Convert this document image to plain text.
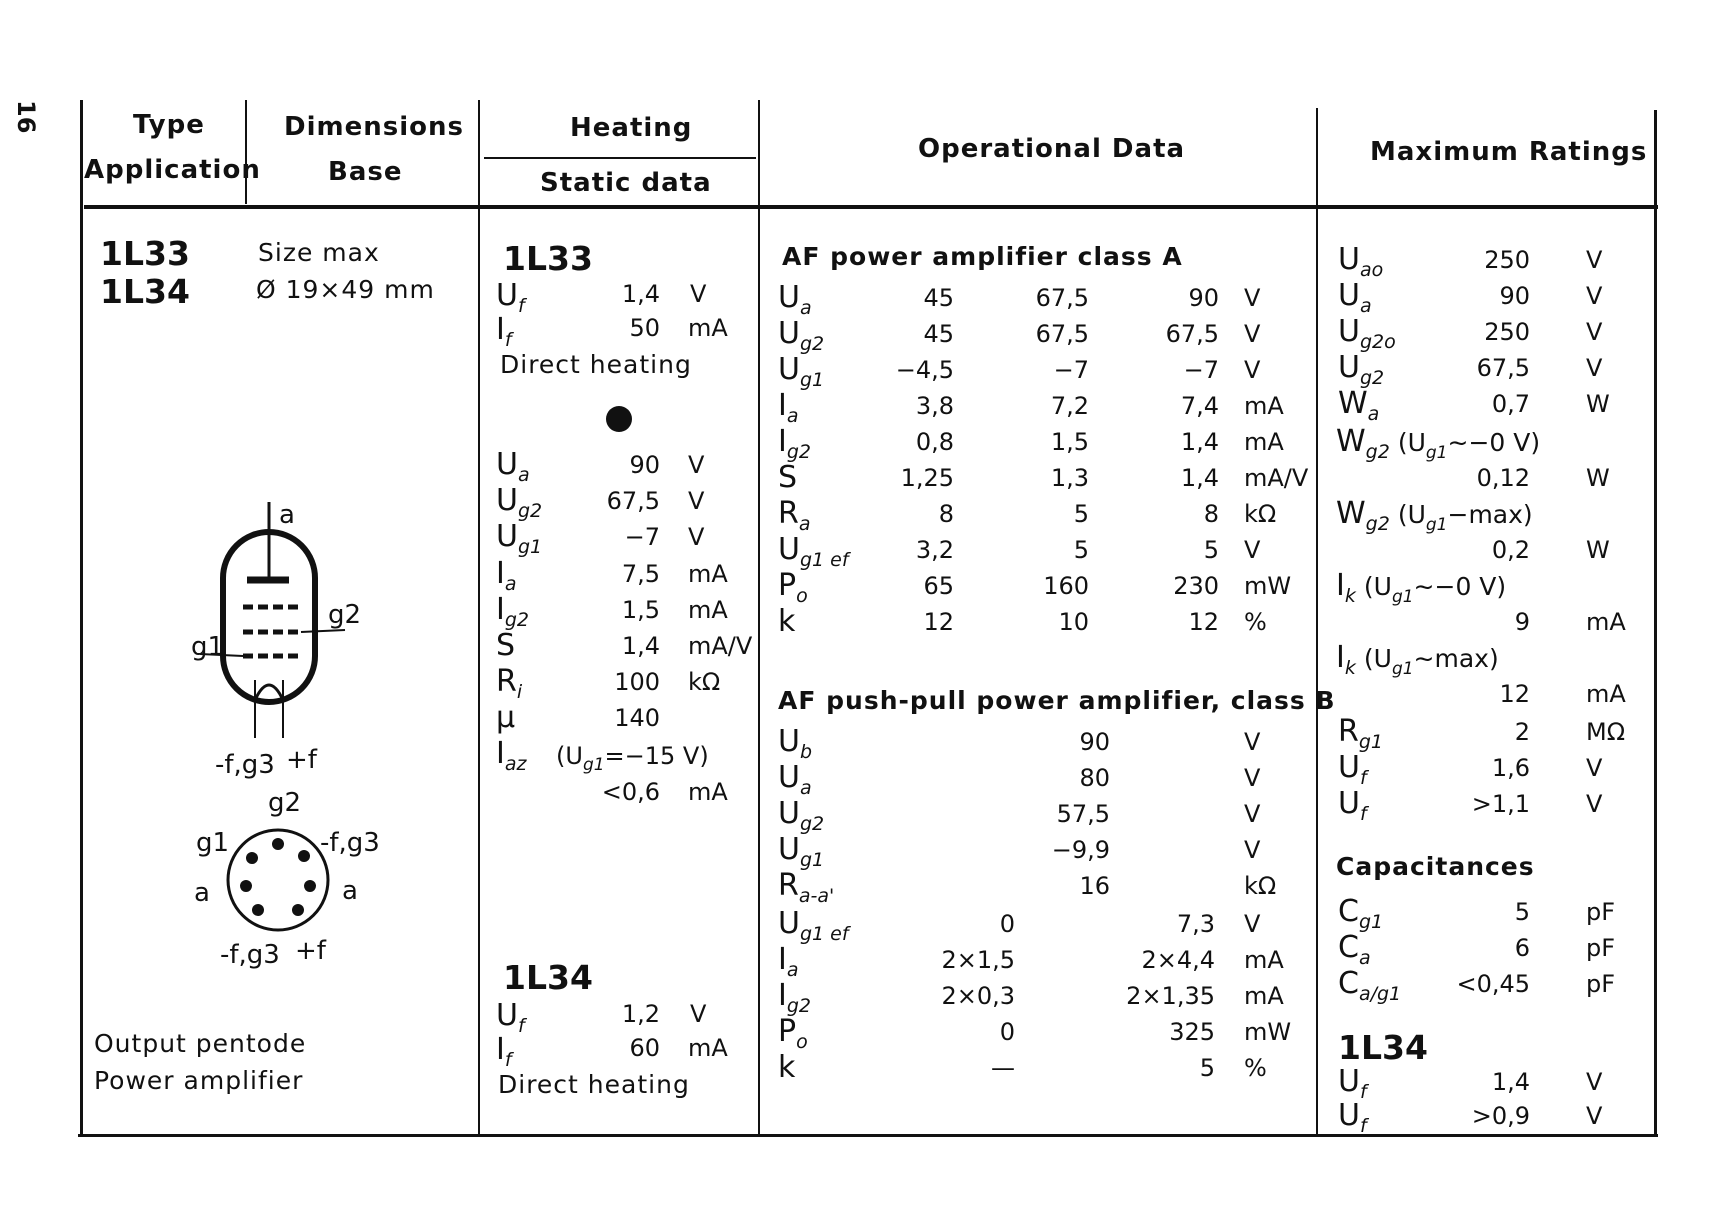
16	Type
Application
Dimensions
Base
Heating
Static data
Operational Data	Maximum Ratings
1L33
1L34
Output pentode
Power amplifier
Size max
Ø 19×49 mm
a
g2
g1
-f,g3 +f
g2
g1	-f,g3
a	a
-f,g3 +f
1L33
$U_f$	1,4 V
$I_f$	50 mA
Direct heating
$U_a$	90 V
$U_{g2}$	67,5 V
$U_{g1}$	−7 V
$I_a$	7,5 mA
$I_{g2}$	1,5 mA
S	1,4 mA/V
$R_i$	100 kΩ
μ	140
$I_{az}$ ($U_{g1}=-15$ V)
<0,6 mA
1L34
$U_f$	1,2 V
$I_f$	60 mA
Direct heating
AF power amplifier class A
$U_a$	45	67,5	90 V
$U_{g2}$	45	67,5	67,5 V
$U_{g1}$	−4,5	−7	−7 V
$I_a$	3,8	7,2	7,4 mA
$I_{g2}$	0,8	1,5	1,4 mA
S	1,25	1,3	1,4 mA/V
$R_a$	8	5	8 kΩ
$U_{g1 ef}$	3,2	5	5 V
$P_o$	65	160	230 mW
k	12	10	12 %
AF push-pull power amplifier, class B
$U_b$	90	V
$U_a$	80	V
$U_{g2}$	57,5	V
$U_{g1}$	−9,9	V
$R_{a-a'}$	16	kΩ
$U_{g1 ef}$	0	7,3 V
$I_a$	2×1,5	2×4,4 mA
$I_{g2}$	2×0,3	2×1,35 mA
$P_o$	0	325 mW
k	—	5 %
$U_{ao}$	250 V
$U_a$	90 V
$U_{g2o}$	250 V
$U_{g2}$	67,5 V
$W_a$	0,7 W
$W_{g2}$ ($U_{g1}\sim-0$ V)
0,12 W
$W_{g2}$ $(U_{g1}-\max)$
0,2 W
$I_k$ ($U_{g1}\sim-0$ V)
9 mA
$I_k$ $(U_{g1}\sim\max)$
12 mA
$R_{g1}$	2 MΩ
$U_f$	1,6 V
$U_f$	>1,1 V
Capacitances
$C_{g1}$	5 pF
$C_a$	6 pF
$C_{a/g1}$	<0,45 pF
1L34
$U_f$	1,4 V
$U_f$	>0,9 V
